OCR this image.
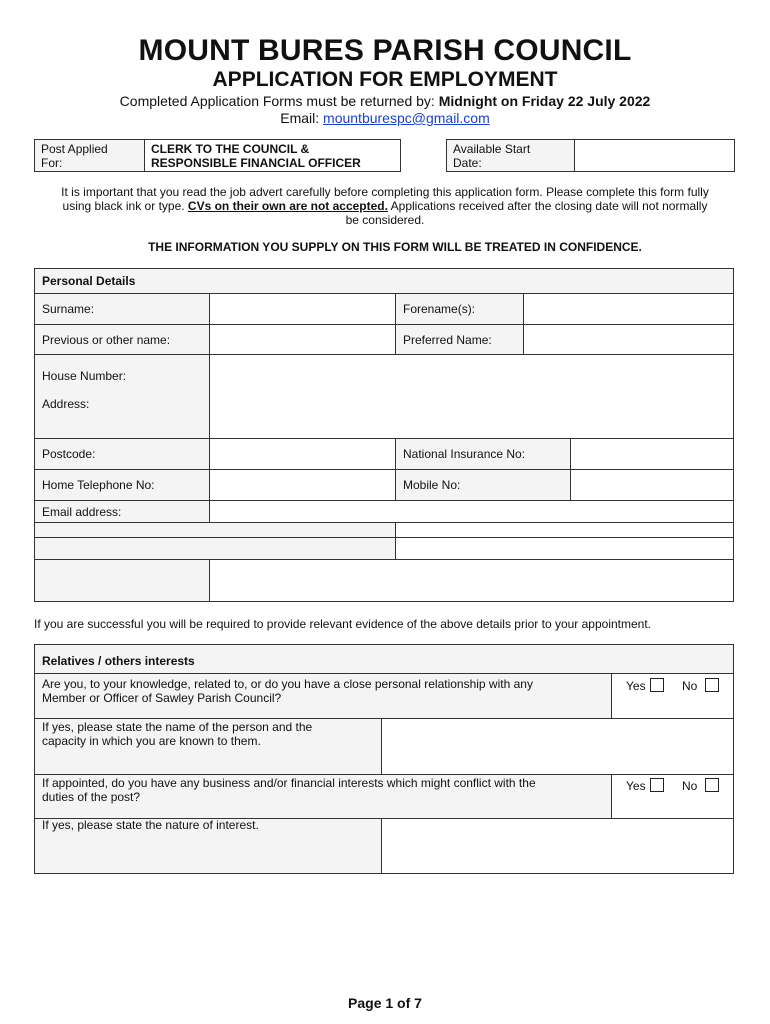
MOUNT BURES PARISH COUNCIL
APPLICATION FOR EMPLOYMENT
Completed Application Forms must be returned by: Midnight on Friday 22 July 2022
Email: mountburespc@gmail.com
Post Applied
For:
CLERK TO THE COUNCIL &
RESPONSIBLE FINANCIAL OFFICER
Available Start
Date:
It is important that you read the job advert carefully before completing this application form. Please complete this form fully
using black ink or type. CVs on their own are not accepted. Applications received after the closing date will not normally
be considered.
THE INFORMATION YOU SUPPLY ON THIS FORM WILL BE TREATED IN CONFIDENCE.
Personal Details
Surname:	Forename(s):
Previous or other name:	Preferred Name:
House Number:
Address:
Postcode:	National Insurance No:
Home Telephone No:	Mobile No:
Email address:
If you are successful you will be required to provide relevant evidence of the above details prior to your appointment.
Relatives / others interests
Are you, to your knowledge, related to, or do you have a close personal relationship with any
Member or Officer of Sawley Parish Council?
Yes	No
If yes, please state the name of the person and the
capacity in which you are known to them.
If appointed, do you have any business and/or financial interests which might conflict with the
duties of the post?
Yes	No
If yes, please state the nature of interest.
Page 1 of 7
